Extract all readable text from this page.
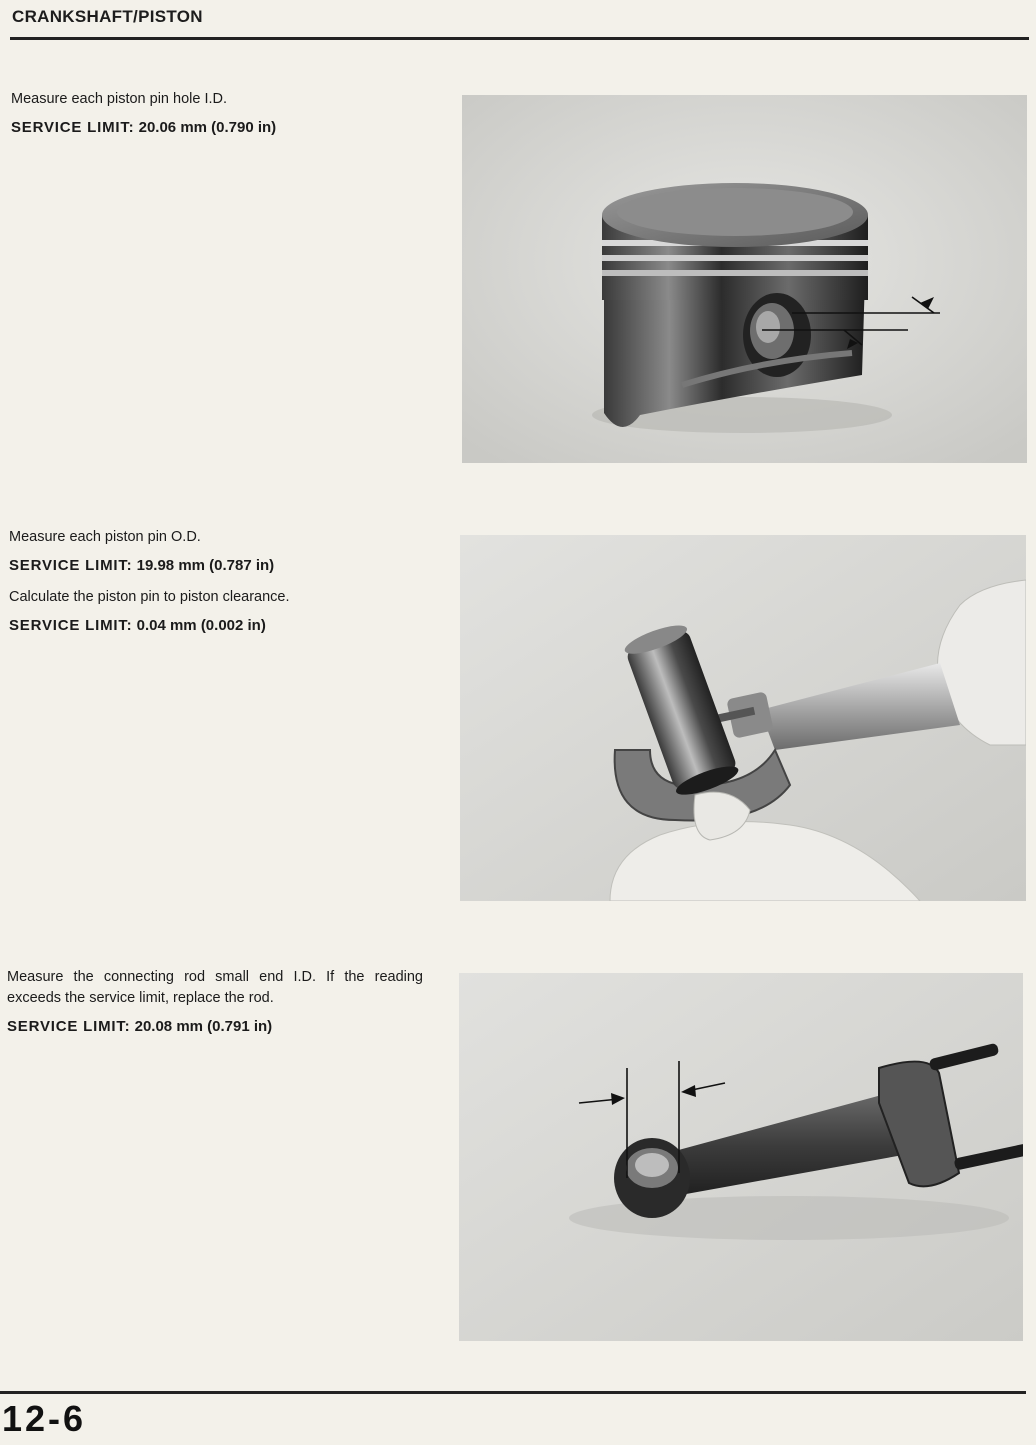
CRANKSHAFT/PISTON

Measure each piston pin hole I.D.

SERVICE LIMIT: 20.06 mm (0.790 in)

Measure each piston pin O.D.

SERVICE LIMIT: 19.98 mm (0.787 in)

Calculate the piston pin to piston clearance.

SERVICE LIMIT: 0.04 mm (0.002 in)

Measure the connecting rod small end I.D. If the reading exceeds the service limit, replace the rod.

SERVICE LIMIT: 20.08 mm (0.791 in)

12-6
